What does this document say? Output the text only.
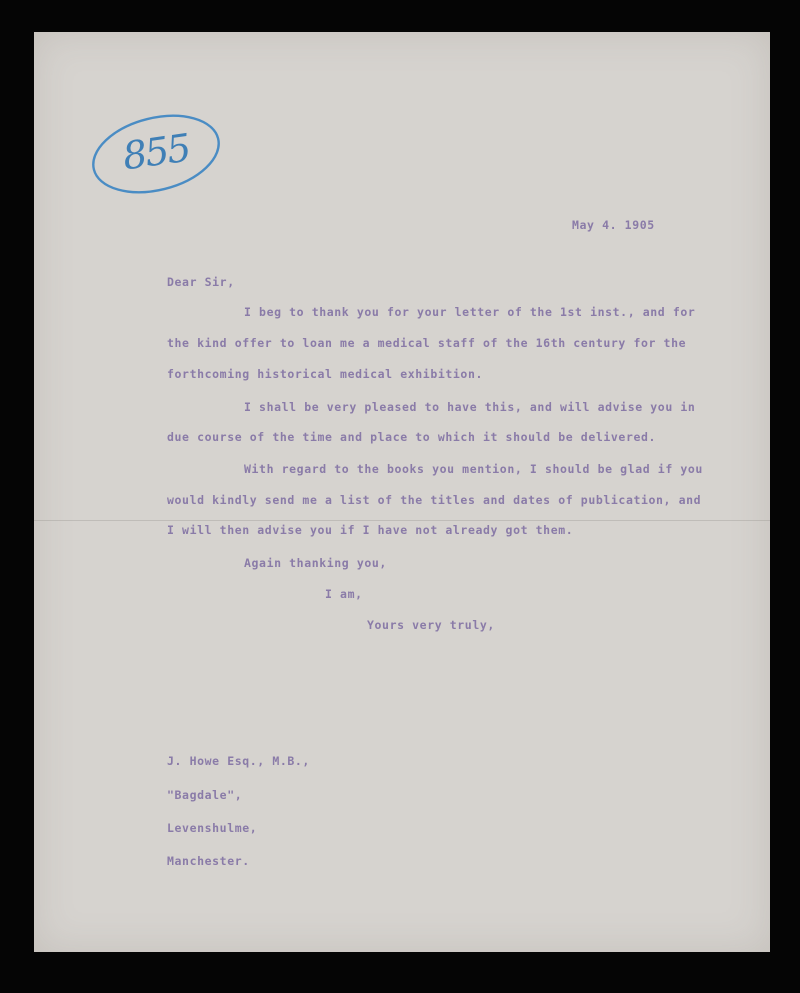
855

May 4. 1905

Dear Sir,

I beg to thank you for your letter of the 1st inst., and for

the kind offer to loan me a medical staff of the 16th century for the

forthcoming historical medical exhibition.

I shall be very pleased to have this, and will advise you in

due course of the time and place to which it should be delivered.

With regard to the books you mention, I should be glad if you

would kindly send me a list of the titles and dates of publication, and

I will then advise you if I have not already got them.

Again thanking you,

I am,

Yours very truly,

J. Howe Esq., M.B.,

"Bagdale",

Levenshulme,

Manchester.
